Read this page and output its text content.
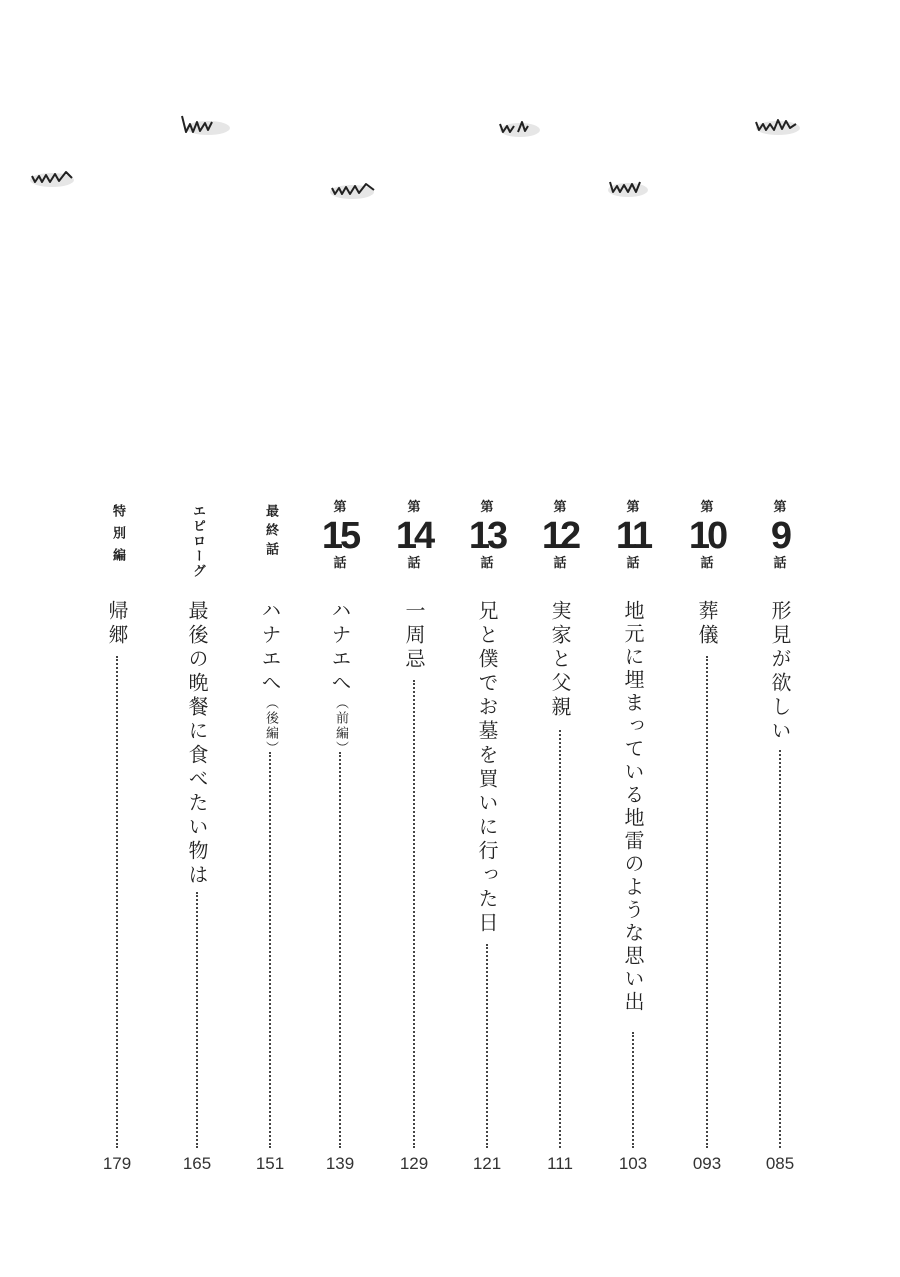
第
9
話
形見が欲しい
085
第
10
話
葬儀
093
第
11
話
地元に埋まっている地雷のような思い出
103
第
12
話
実家と父親
111
第
13
話
兄と僕でお墓を買いに行った日
121
第
14
話
一周忌
129
第
15
話
ハナエへ（前編）
139
最終話
ハナエへ（後編）
151
エピローグ
最後の晩餐に食べたい物は
165
特別編
帰郷
179
